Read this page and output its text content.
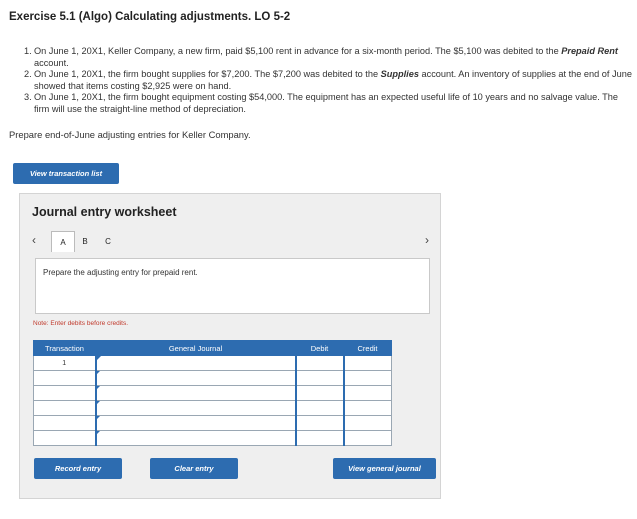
Exercise 5.1 (Algo) Calculating adjustments. LO 5-2
1. On June 1, 20X1, Keller Company, a new firm, paid $5,100 rent in advance for a six-month period. The $5,100 was debited to the Prepaid Rent account.
2. On June 1, 20X1, the firm bought supplies for $7,200. The $7,200 was debited to the Supplies account. An inventory of supplies at the end of June showed that items costing $2,925 were on hand.
3. On June 1, 20X1, the firm bought equipment costing $54,000. The equipment has an expected useful life of 10 years and no salvage value. The firm will use the straight-line method of depreciation.
Prepare end-of-June adjusting entries for Keller Company.
View transaction list
Journal entry worksheet
‹	A	B	C	›
Prepare the adjusting entry for prepaid rent.
Note: Enter debits before credits.
Transaction	General Journal	Debit	Credit
1	

Record entry	Clear entry	View general journal
